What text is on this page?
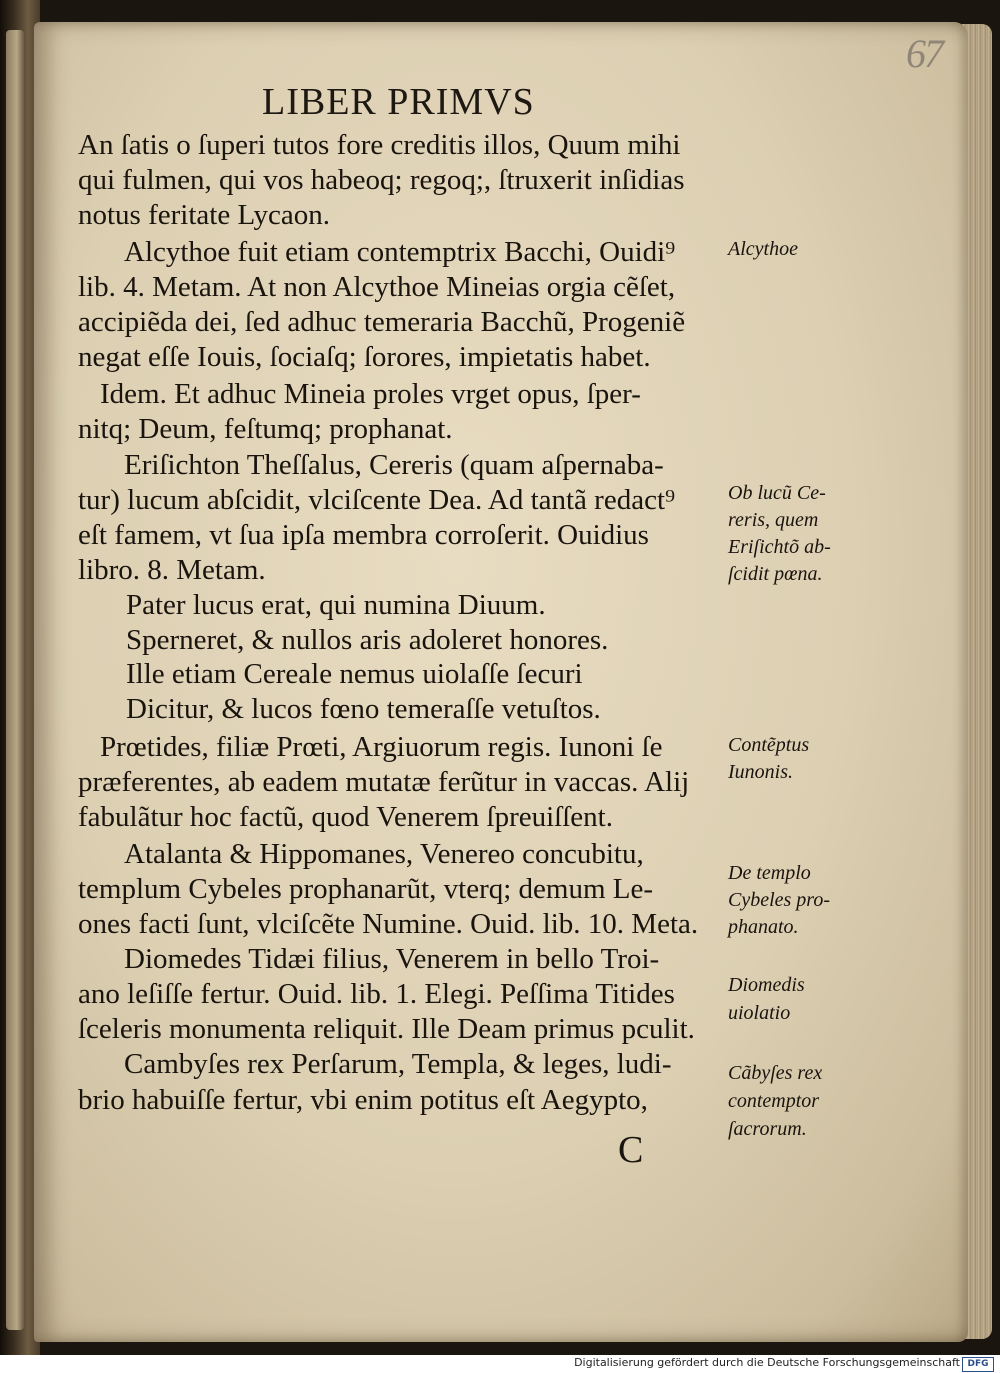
67
LIBER PRIMVS
An ſatis o ſuperi tutos fore creditis illos, Quum mihi
qui fulmen, qui vos habeoq; regoq;, ſtruxerit inſidias
notus feritate Lycaon.
Alcythoe fuit etiam contemptrix Bacchi, Ouidi⁹
lib. 4. Metam. At non Alcythoe Mineias orgia cẽſet,
accipiẽda dei, ſed adhuc temeraria Bacchũ, Progeniẽ
negat eſſe Iouis, ſociaſq; ſorores, impietatis habet.
Idem. Et adhuc Mineia proles vrget opus, ſper-
nitq; Deum, feſtumq; prophanat.
Eriſichton Theſſalus, Cereris (quam aſpernaba-
tur) lucum abſcidit, vlciſcente Dea. Ad tantã redact⁹
eſt famem, vt ſua ipſa membra corroſerit. Ouidius
libro. 8. Metam.
Pater lucus erat, qui numina Diuum.
Sperneret, & nullos aris adoleret honores.
Ille etiam Cereale nemus uiolaſſe ſecuri
Dicitur, & lucos fœno temeraſſe vetuſtos.
Prœtides, filiæ Prœti, Argiuorum regis. Iunoni ſe
præferentes, ab eadem mutatæ ferũtur in vaccas. Alij
fabulãtur hoc factũ, quod Venerem ſpreuiſſent.
Atalanta & Hippomanes, Venereo concubitu,
templum Cybeles prophanarũt, vterq; demum Le-
ones facti ſunt, vlciſcẽte Numine. Ouid. lib. 10. Meta.
Diomedes Tidæi filius, Venerem in bello Troi-
ano leſiſſe fertur. Ouid. lib. 1. Elegi. Peſſima Titides
ſceleris monumenta reliquit. Ille Deam primus pculit.
Cambyſes rex Perſarum, Templa, & leges, ludi-
brio habuiſſe fertur, vbi enim potitus eſt Aegypto,
C
Alcythoe
Ob lucũ Ce-
reris, quem
Eriſichtõ ab-
ſcidit pœna.
Contẽptus
Iunonis.
De templo
Cybeles pro-
phanato.
Diomedis
uiolatio
Cãbyſes rex
contemptor
ſacrorum.
Digitalisierung gefördert durch die Deutsche Forschungsgemeinschaft DFG
